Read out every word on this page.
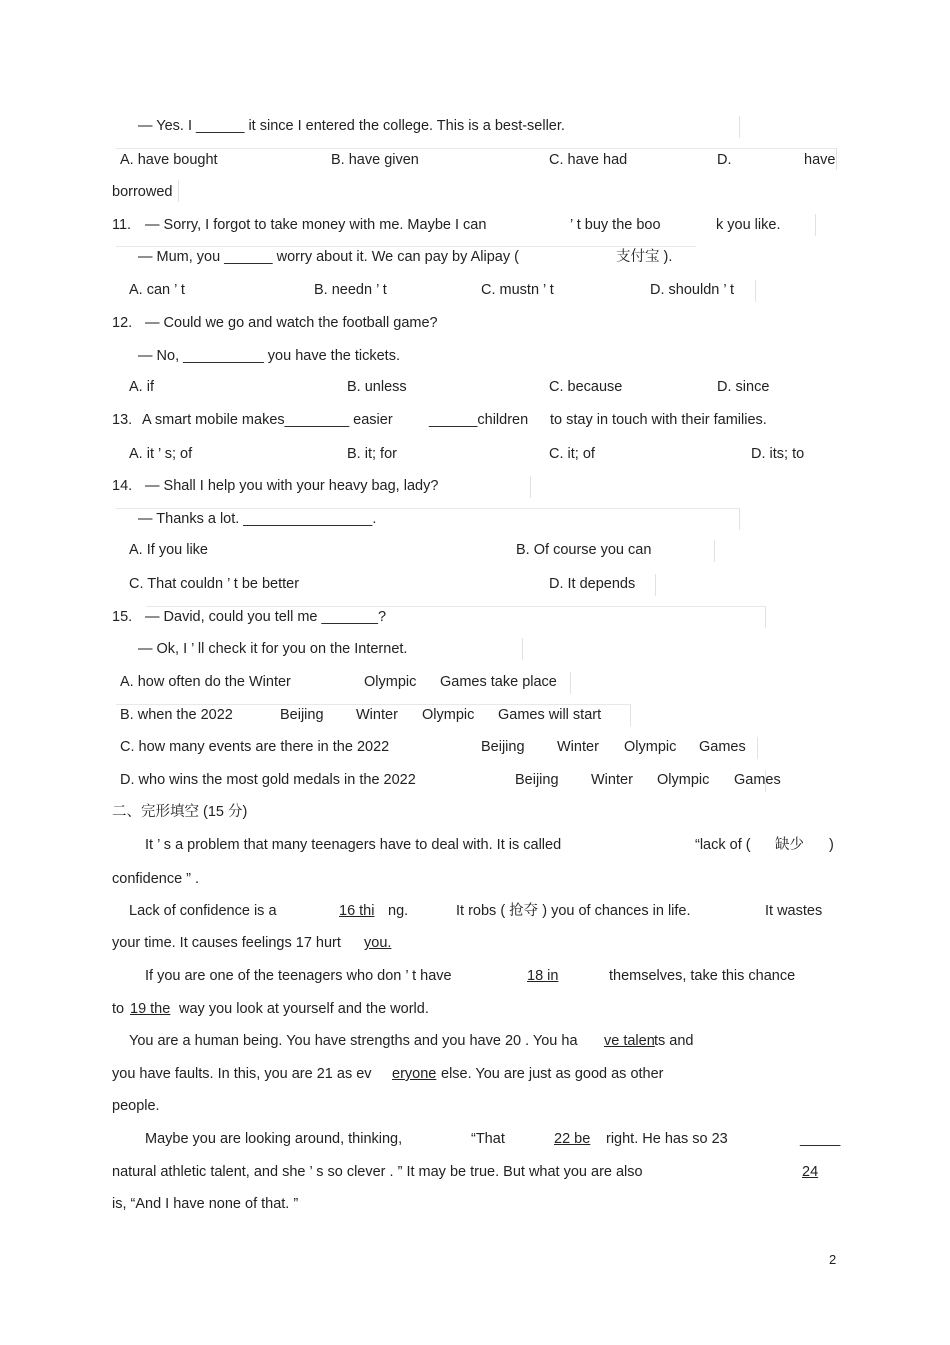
— Yes. I ______ it since I entered the college. This is a best-seller.
A. have bought	B. have given	C. have had	D.	have
borrowed
11. — Sorry, I forgot to take money with me. Maybe I can	’ t buy the boo	k you like.
— Mum, you ______ worry about it. We can pay by Alipay (	支付宝 ).
A. can ’ t	B. needn ’ t	C. mustn ’ t	D. shouldn ’ t
12. — Could we go and watch the football game?
— No, __________ you have the tickets.
A. if	B. unless	C. because	D. since
13. A smart mobile makes________ easier	______children to stay in touch with their families.
A. it ’ s; of	B. it; for	C. it; of	D. its; to
14. — Shall I help you with your heavy bag, lady?
— Thanks a lot. ________________.
A. If you like	B. Of course you can
C. That couldn ’ t be better	D. It depends
15. — David, could you tell me _______?
— Ok, I ’ ll check it for you on the Internet.
A. how often do the Winter	Olympic Games take place
B. when the 2022	Beijing Winter Olympic Games will start
C. how many events are there in the 2022	Beijing Winter Olympic Games
D. who wins the most gold medals in the 2022	Beijing Winter Olympic Games
二、完形填空 (15 分)
It ’ s a problem that many teenagers have to deal with. It is called	“lack of ( 缺少 )
confidence ” .
Lack of confidence is a	16 thi ng.	It robs ( 抢夺 ) you of chances in life.	It wastes
your time. It causes feelings 17 hurt you.
If you are one of the teenagers who don ’ t have	18 in	themselves, take this chance
to 19 the way you look at yourself and the world.
You are a human being. You have strengths and you have 20 . You ha ve talen ts and
you have faults. In this, you are 21 as ev eryone else. You are just as good as other
people.
Maybe you are looking around, thinking,	“That	22 be right. He has so 23	_____
natural athletic talent, and she ’ s so clever . ” It may be true. But what you are also	24
is, “And I have none of that. ”
2
